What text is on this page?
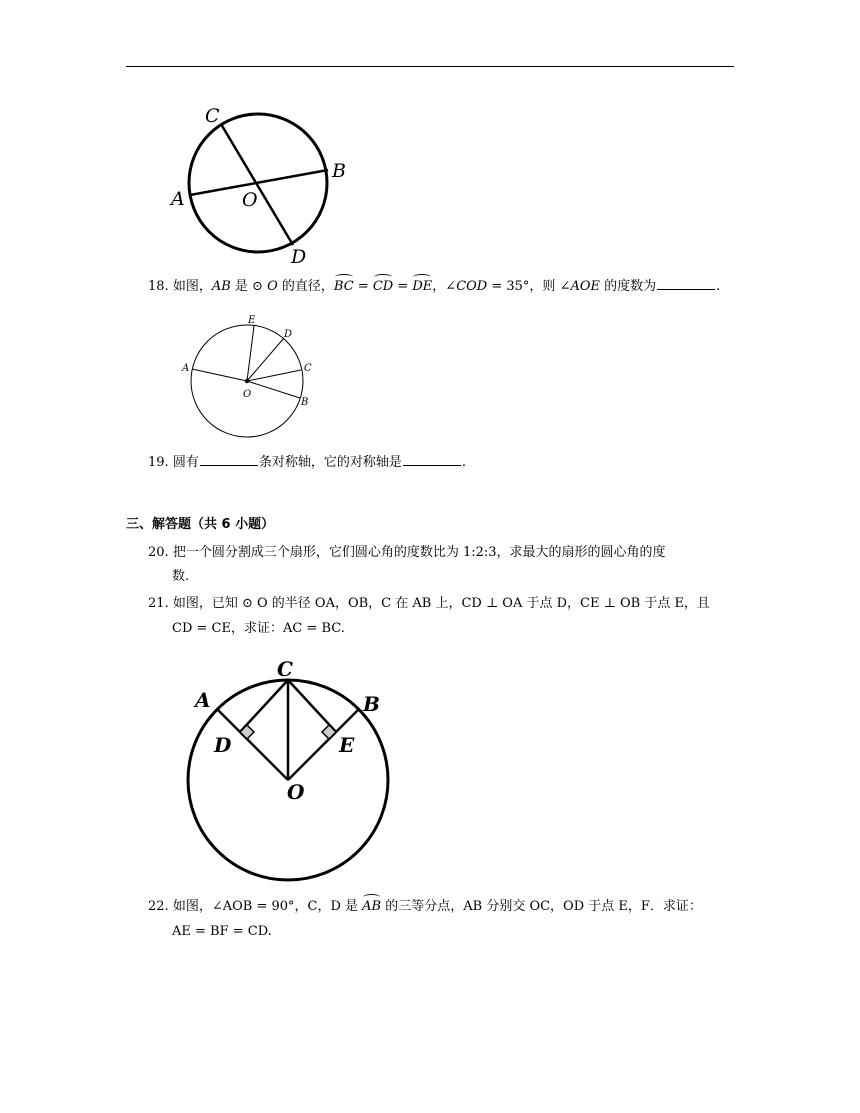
C
B
A	O
D
18. 如图，AB 是 ⊙ O 的直径，BC = CD = DE，∠COD = 35°，则 ∠AOE 的度数为	.
E
D
C
A
O
B
19. 圆有	条对称轴，它的对称轴是	.
三、解答题（共 6 小题）
20. 把一个圆分割成三个扇形，它们圆心角的度数比为 1:2:3，求最大的扇形的圆心角的度
数.
21. 如图，已知 ⊙ O 的半径 OA，OB，C 在 AB 上，CD ⊥ OA 于点 D，CE ⊥ OB 于点 E，且
CD = CE，求证：AC = BC.
C
A	B
D	E
O
22. 如图，∠AOB = 90°，C，D 是 AB 的三等分点，AB 分别交 OC，OD 于点 E，F．求证：
AE = BF = CD.
